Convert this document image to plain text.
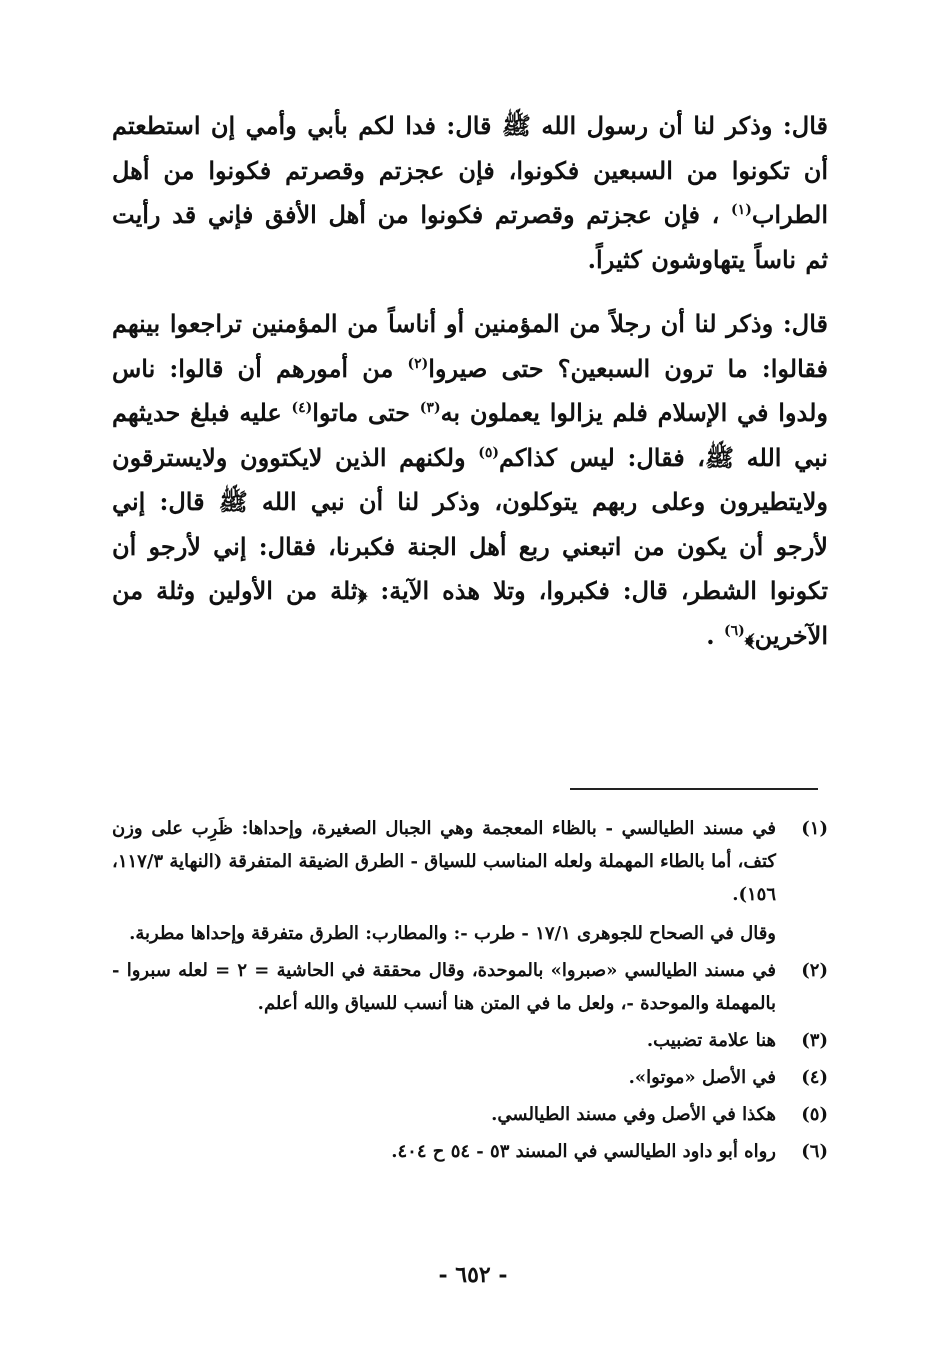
قال: وذكر لنا أن رسول الله ﷺ قال: فدا لكم بأبي وأمي إن استطعتم أن تكونوا من السبعين فكونوا، فإن عجزتم وقصرتم فكونوا من أهل الطراب$^{(١)}$ ، فإن عجزتم وقصرتم فكونوا من أهل الأفق فإني قد رأيت ثم ناساً يتهاوشون كثيراً.

قال: وذكر لنا أن رجلاً من المؤمنين أو أناساً من المؤمنين تراجعوا بينهم فقالوا: ما ترون السبعين؟ حتى صيروا$^{(٢)}$ من أمورهم أن قالوا: ناس ولدوا في الإسلام فلم يزالوا يعملون به$^{(٣)}$ حتى ماتوا$^{(٤)}$ عليه فبلغ حديثهم نبي الله ﷺ، فقال: ليس كذاكم$^{(٥)}$ ولكنهم الذين لايكتوون ولايسترقون ولايتطيرون وعلى ربهم يتوكلون، وذكر لنا أن نبي الله ﷺ قال: إني لأرجو أن يكون من اتبعني ربع أهل الجنة فكبرنا، فقال: إني لأرجو أن تكونوا الشطر، قال: فكبروا، وتلا هذه الآية: ﴿ثلة من الأولين وثلة من الآخرين﴾$^{(٦)}$ .

(١)
في مسند الطيالسي - بالظاء المعجمة وهي الجبال الصغيرة، وإحداها: ظَرِب على وزن كتف، أما بالطاء المهملة ولعله المناسب للسياق - الطرق الضيقة المتفرقة (النهاية ١١٧/٣، ١٥٦).
وقال في الصحاح للجوهرى ١٧/١ - طرب -: والمطارب: الطرق متفرقة وإحداها مطربة.
(٢)
في مسند الطيالسي «صبروا» بالموحدة، وقال محققة في الحاشية = ٢ = لعله سبروا - بالمهملة والموحدة -، ولعل ما في المتن هنا أنسب للسياق والله أعلم.
(٣)
هنا علامة تضبيب.
(٤)
في الأصل «موتوا».
(٥)
هكذا في الأصل وفي مسند الطيالسي.
(٦)
رواه أبو داود الطيالسي في المسند ٥٣ - ٥٤ ح ٤٠٤.
- ٦٥٢ -
